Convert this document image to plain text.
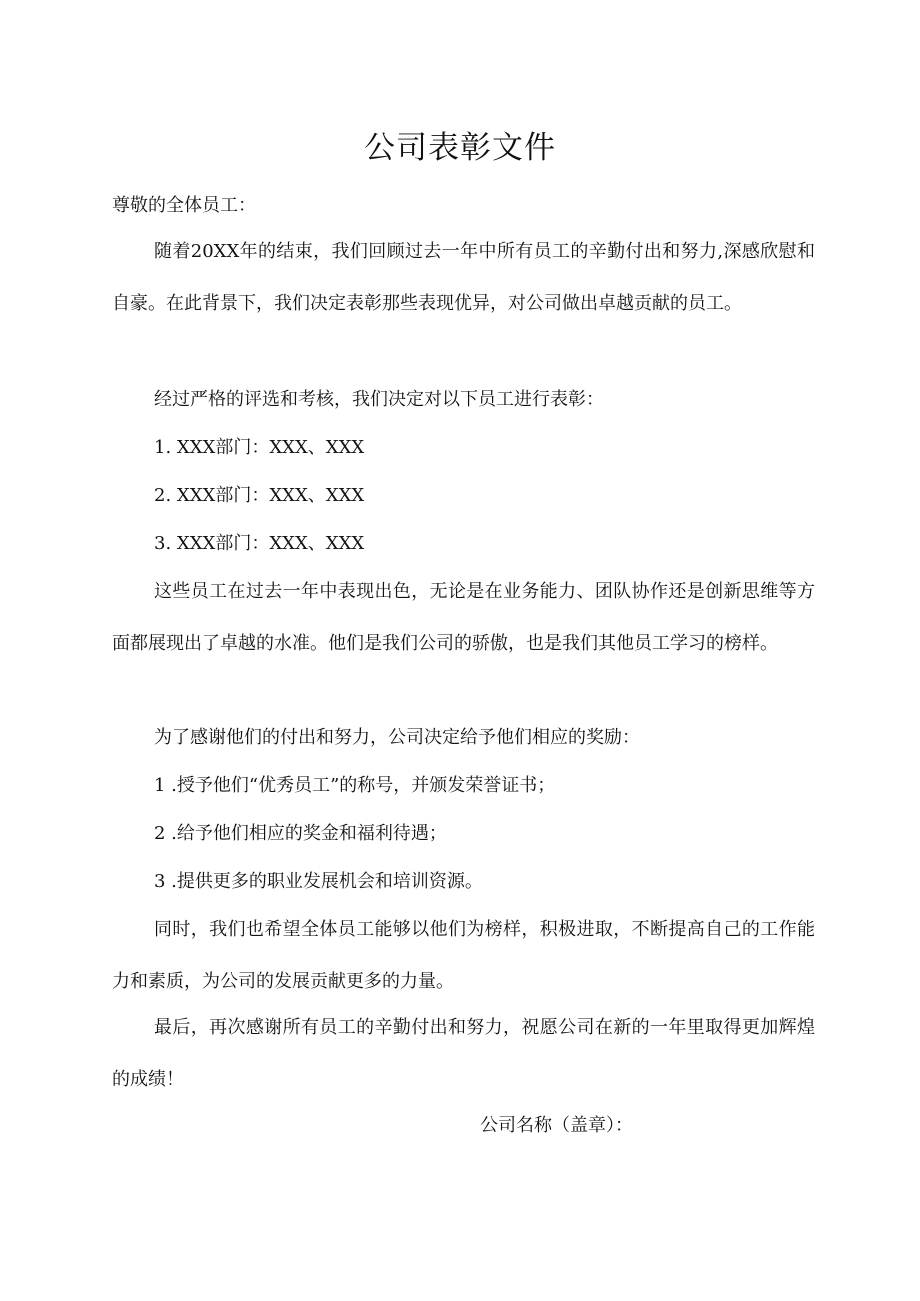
公司表彰文件

尊敬的全体员工：

随着20XX年的结束，我们回顾过去一年中所有员工的辛勤付出和努力,深感欣慰和自豪。在此背景下，我们决定表彰那些表现优异，对公司做出卓越贡献的员工。

经过严格的评选和考核，我们决定对以下员工进行表彰：

1. XXX部门：XXX、XXX

2. XXX部门：XXX、XXX

3. XXX部门：XXX、XXX

这些员工在过去一年中表现出色，无论是在业务能力、团队协作还是创新思维等方面都展现出了卓越的水准。他们是我们公司的骄傲，也是我们其他员工学习的榜样。

为了感谢他们的付出和努力，公司决定给予他们相应的奖励：

1 .授予他们“优秀员工”的称号，并颁发荣誉证书；

2 .给予他们相应的奖金和福利待遇；

3 .提供更多的职业发展机会和培训资源。

同时，我们也希望全体员工能够以他们为榜样，积极进取，不断提高自己的工作能力和素质，为公司的发展贡献更多的力量。

最后，再次感谢所有员工的辛勤付出和努力，祝愿公司在新的一年里取得更加辉煌的成绩！

公司名称（盖章）：
